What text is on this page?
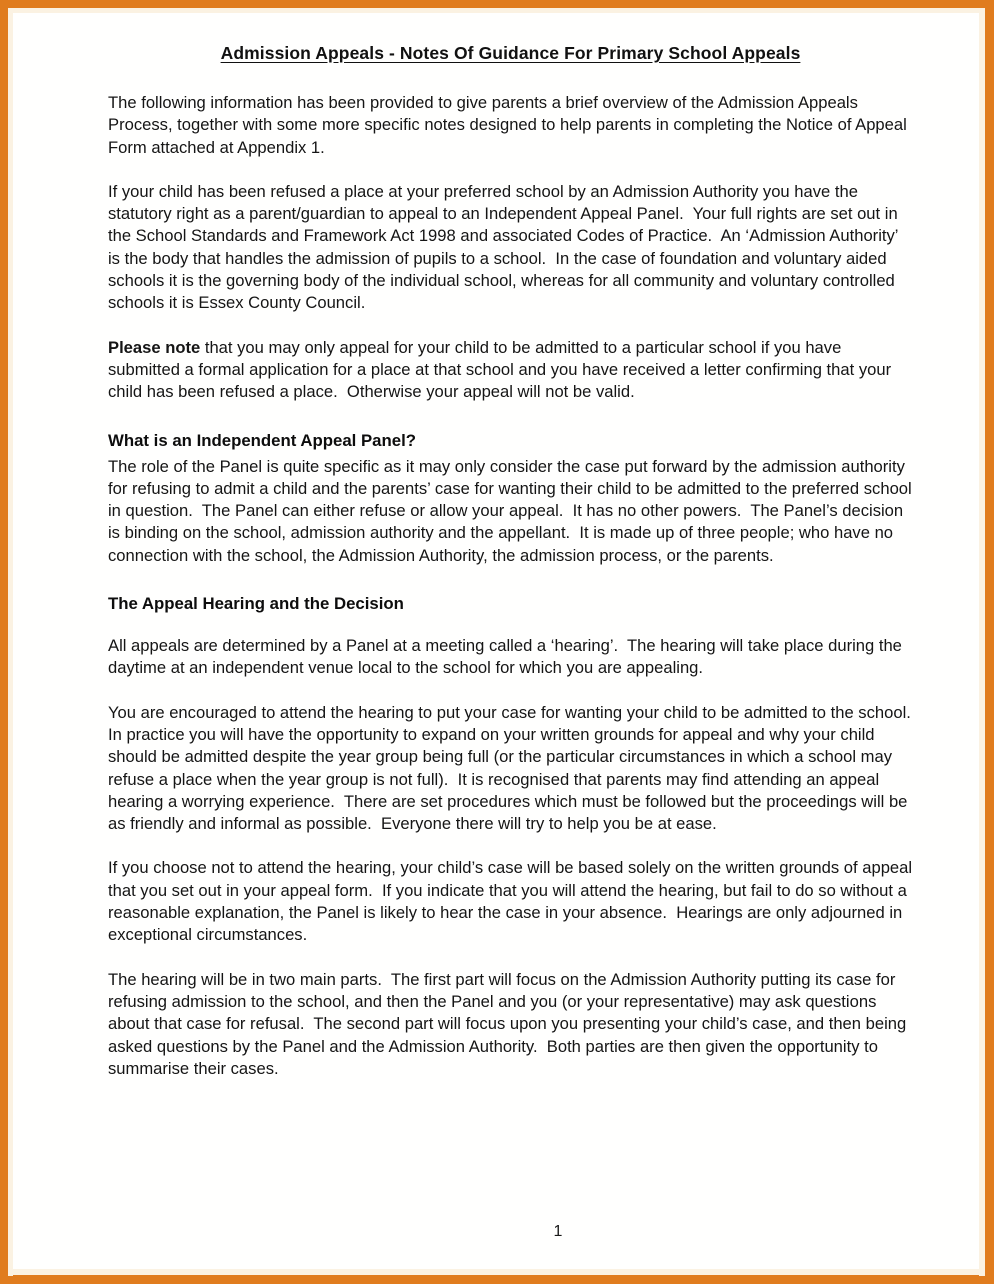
Admission Appeals - Notes Of Guidance For Primary School Appeals

The following information has been provided to give parents a brief overview of the Admission Appeals Process, together with some more specific notes designed to help parents in completing the Notice of Appeal Form attached at Appendix 1.

If your child has been refused a place at your preferred school by an Admission Authority you have the statutory right as a parent/guardian to appeal to an Independent Appeal Panel.  Your full rights are set out in the School Standards and Framework Act 1998 and associated Codes of Practice.  An ‘Admission Authority’ is the body that handles the admission of pupils to a school.  In the case of foundation and voluntary aided schools it is the governing body of the individual school, whereas for all community and voluntary controlled schools it is Essex County Council.

Please note that you may only appeal for your child to be admitted to a particular school if you have submitted a formal application for a place at that school and you have received a letter confirming that your child has been refused a place.  Otherwise your appeal will not be valid.

What is an Independent Appeal Panel?

The role of the Panel is quite specific as it may only consider the case put forward by the admission authority for refusing to admit a child and the parents’ case for wanting their child to be admitted to the preferred school in question.  The Panel can either refuse or allow your appeal.  It has no other powers.  The Panel’s decision is binding on the school, admission authority and the appellant.  It is made up of three people; who have no connection with the school, the Admission Authority, the admission process, or the parents.

The Appeal Hearing and the Decision

All appeals are determined by a Panel at a meeting called a ‘hearing’.  The hearing will take place during the daytime at an independent venue local to the school for which you are appealing.

You are encouraged to attend the hearing to put your case for wanting your child to be admitted to the school.  In practice you will have the opportunity to expand on your written grounds for appeal and why your child should be admitted despite the year group being full (or the particular circumstances in which a school may refuse a place when the year group is not full).  It is recognised that parents may find attending an appeal hearing a worrying experience.  There are set procedures which must be followed but the proceedings will be as friendly and informal as possible.  Everyone there will try to help you be at ease.

If you choose not to attend the hearing, your child’s case will be based solely on the written grounds of appeal that you set out in your appeal form.  If you indicate that you will attend the hearing, but fail to do so without a reasonable explanation, the Panel is likely to hear the case in your absence.  Hearings are only adjourned in exceptional circumstances.

The hearing will be in two main parts.  The first part will focus on the Admission Authority putting its case for refusing admission to the school, and then the Panel and you (or your representative) may ask questions about that case for refusal.  The second part will focus upon you presenting your child’s case, and then being asked questions by the Panel and the Admission Authority.  Both parties are then given the opportunity to summarise their cases.

1
